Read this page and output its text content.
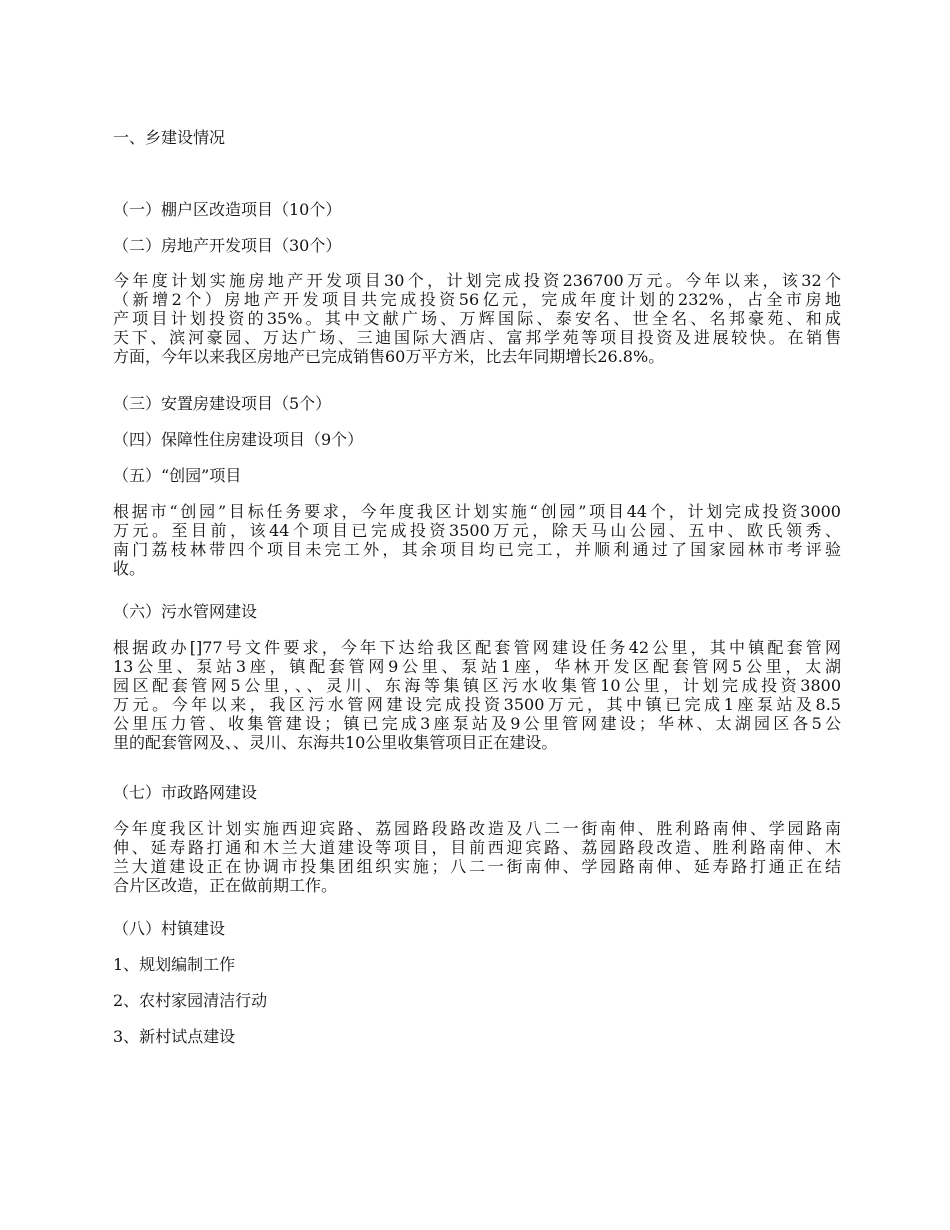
一、乡建设情况

（一）棚户区改造项目（10个）

（二）房地产开发项目（30个）

今年度计划实施房地产开发项目30个，计划完成投资236700万元。今年以来，该32个
（新增2个）房地产开发项目共完成投资56亿元，完成年度计划的232%，占全市房地
产项目计划投资的35%。其中文献广场、万辉国际、泰安名、世全名、名邦豪苑、和成
天下、滨河豪园、万达广场、三迪国际大酒店、富邦学苑等项目投资及进展较快。在销售
方面，今年以来我区房地产已完成销售60万平方米，比去年同期增长26.8%。

（三）安置房建设项目（5个）

（四）保障性住房建设项目（9个）

（五）“创园”项目

根据市“创园”目标任务要求，今年度我区计划实施“创园”项目44个，计划完成投资3000
万元。至目前，该44个项目已完成投资3500万元，除天马山公园、五中、欧氏领秀、
南门荔枝林带四个项目未完工外，其余项目均已完工，并顺利通过了国家园林市考评验
收。

（六）污水管网建设

根据政办[]77号文件要求，今年下达给我区配套管网建设任务42公里，其中镇配套管网
13公里、泵站3座，镇配套管网9公里、泵站1座，华林开发区配套管网5公里，太湖
园区配套管网5公里，、、灵川、东海等集镇区污水收集管10公里，计划完成投资3800
万元。今年以来，我区污水管网建设完成投资3500万元，其中镇已完成1座泵站及8.5
公里压力管、收集管建设；镇已完成3座泵站及9公里管网建设；华林、太湖园区各5公
里的配套管网及、、灵川、东海共10公里收集管项目正在建设。

（七）市政路网建设

今年度我区计划实施西迎宾路、荔园路段路改造及八二一街南伸、胜利路南伸、学园路南
伸、延寿路打通和木兰大道建设等项目，目前西迎宾路、荔园路段改造、胜利路南伸、木
兰大道建设正在协调市投集团组织实施；八二一街南伸、学园路南伸、延寿路打通正在结
合片区改造，正在做前期工作。

（八）村镇建设

1、规划编制工作

2、农村家园清洁行动

3、新村试点建设
